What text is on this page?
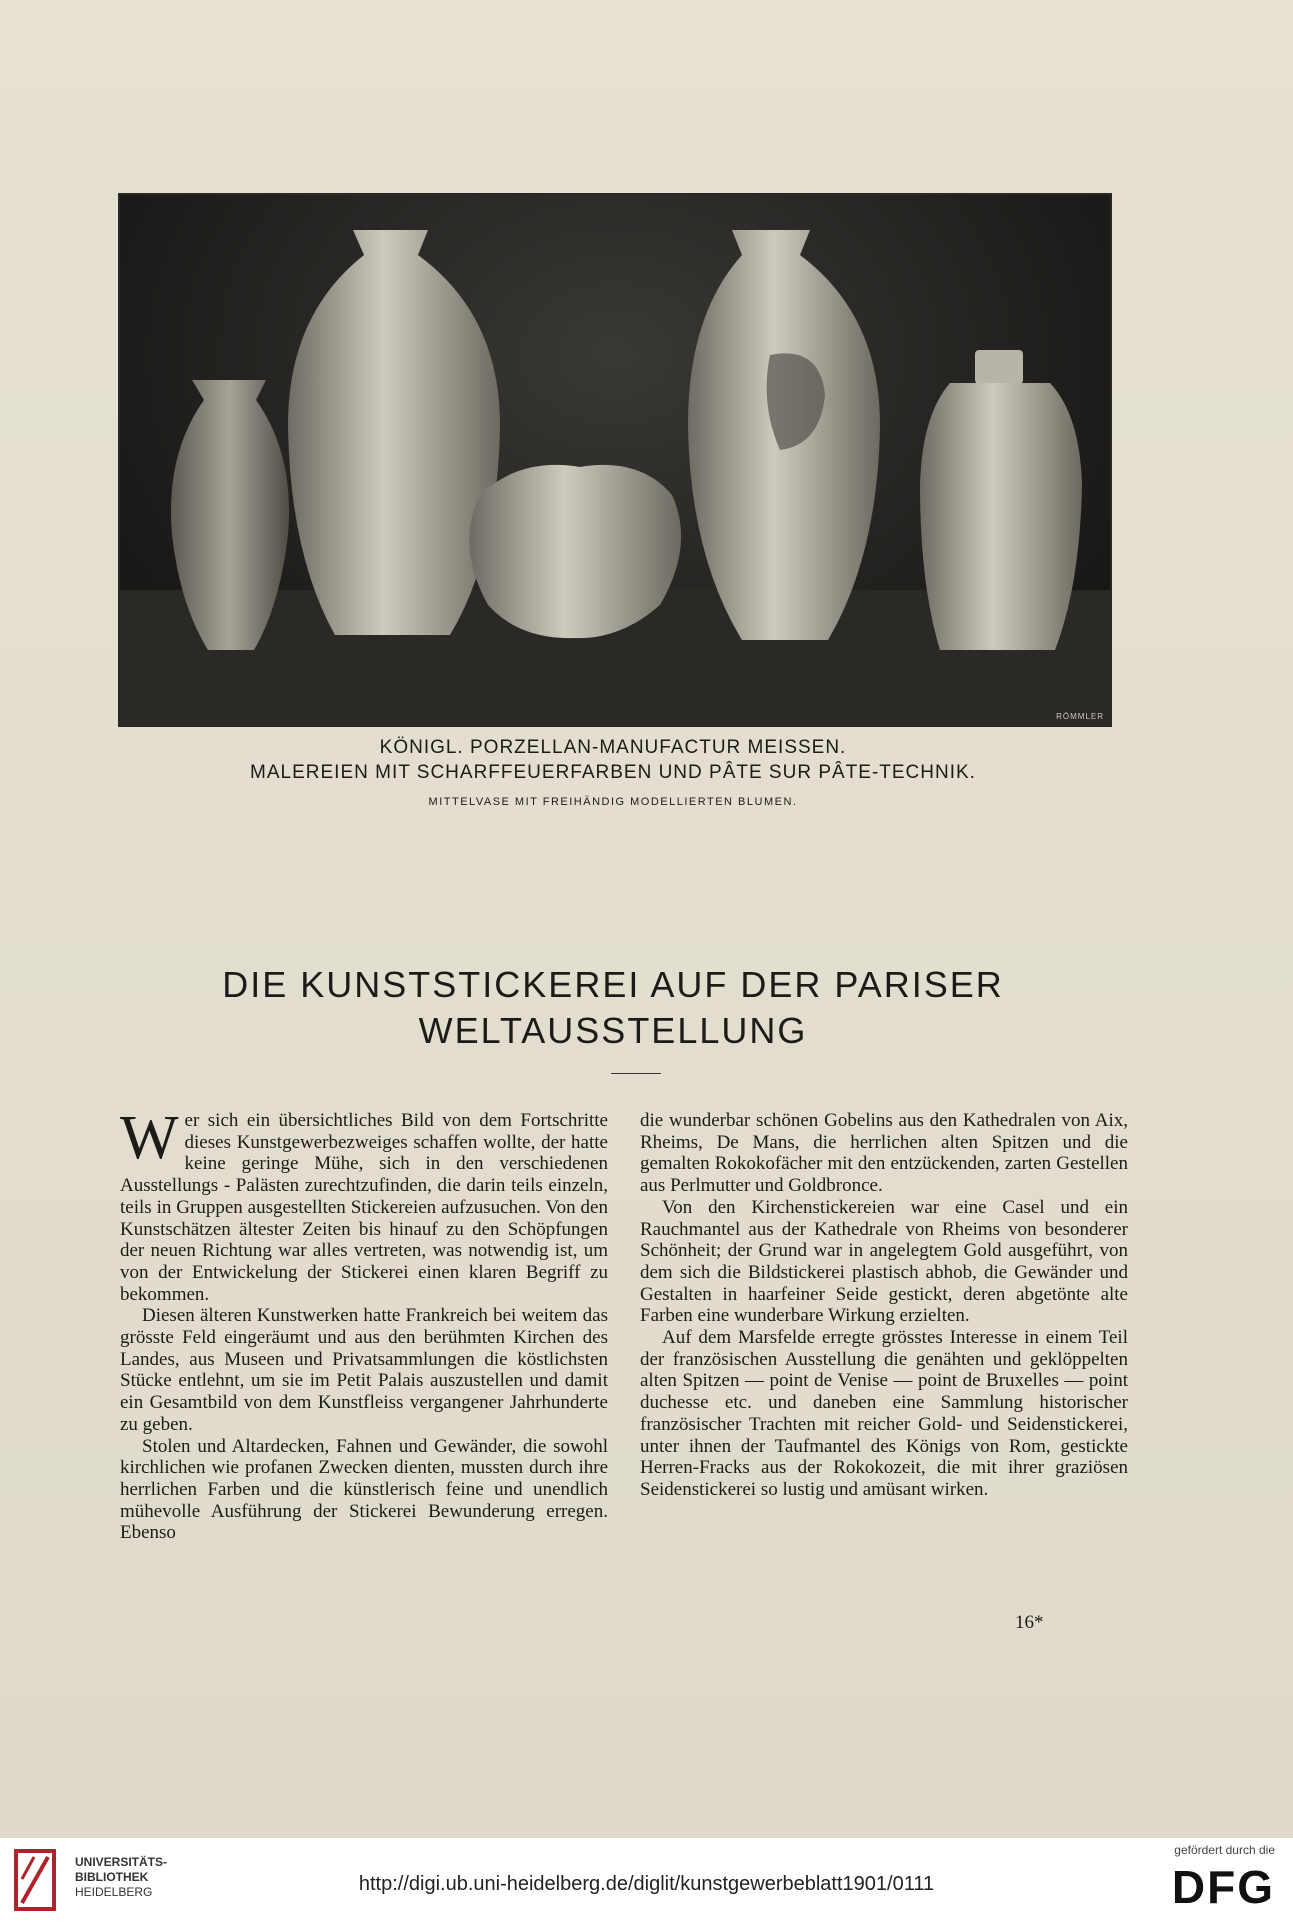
RÖMMLER
KÖNIGL. PORZELLAN-MANUFACTUR MEISSEN.
MALEREIEN MIT SCHARFFEUERFARBEN UND PÂTE SUR PÂTE-TECHNIK.
MITTELVASE MIT FREIHÄNDIG MODELLIERTEN BLUMEN.
DIE KUNSTSTICKEREI AUF DER PARISER
WELTAUSSTELLUNG

Wer sich ein übersichtliches Bild von dem Fortschritte dieses Kunstgewerbezweiges schaffen wollte, der hatte keine geringe Mühe, sich in den verschiedenen Ausstellungs - Palästen zurechtzufinden, die darin teils einzeln, teils in Gruppen ausgestellten Stickereien aufzusuchen. Von den Kunstschätzen ältester Zeiten bis hinauf zu den Schöpfungen der neuen Richtung war alles vertreten, was notwendig ist, um von der Entwickelung der Stickerei einen klaren Begriff zu bekommen.

Diesen älteren Kunstwerken hatte Frankreich bei weitem das grösste Feld eingeräumt und aus den berühmten Kirchen des Landes, aus Museen und Privatsammlungen die köstlichsten Stücke entlehnt, um sie im Petit Palais auszustellen und damit ein Gesamtbild von dem Kunstfleiss vergangener Jahrhunderte zu geben.

Stolen und Altardecken, Fahnen und Gewänder, die sowohl kirchlichen wie profanen Zwecken dienten, mussten durch ihre herrlichen Farben und die künstlerisch feine und unendlich mühevolle Ausführung der Stickerei Bewunderung erregen. Ebenso

die wunderbar schönen Gobelins aus den Kathedralen von Aix, Rheims, De Mans, die herrlichen alten Spitzen und die gemalten Rokokofächer mit den entzückenden, zarten Gestellen aus Perlmutter und Goldbronce.

Von den Kirchenstickereien war eine Casel und ein Rauchmantel aus der Kathedrale von Rheims von besonderer Schönheit; der Grund war in angelegtem Gold ausgeführt, von dem sich die Bildstickerei plastisch abhob, die Gewänder und Gestalten in haarfeiner Seide gestickt, deren abgetönte alte Farben eine wunderbare Wirkung erzielten.

Auf dem Marsfelde erregte grösstes Interesse in einem Teil der französischen Ausstellung die genähten und geklöppelten alten Spitzen — point de Venise — point de Bruxelles — point duchesse etc. und daneben eine Sammlung historischer französischer Trachten mit reicher Gold- und Seidenstickerei, unter ihnen der Taufmantel des Königs von Rom, gestickte Herren-Fracks aus der Rokokozeit, die mit ihrer graziösen Seidenstickerei so lustig und amüsant wirken.

16*
UNIVERSITÄTS-
BIBLIOTHEK
HEIDELBERG	http://digi.ub.uni-heidelberg.de/diglit/kunstgewerbeblatt1901/0111
gefördert durch die
DFG
